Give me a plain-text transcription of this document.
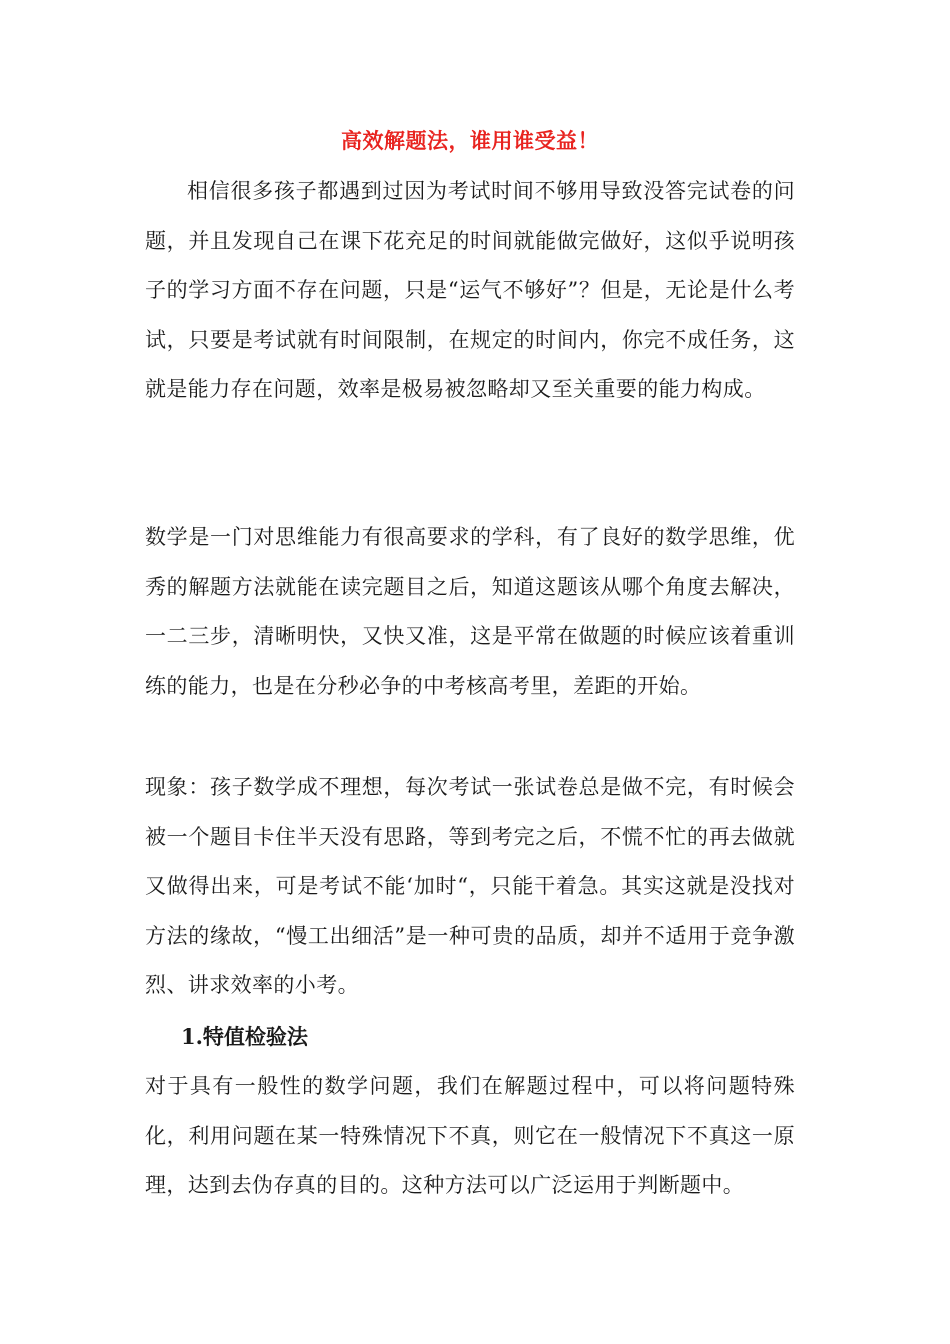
高效解题法，谁用谁受益！

相信很多孩子都遇到过因为考试时间不够用导致没答完试卷的问题，并且发现自己在课下花充足的时间就能做完做好，这似乎说明孩子的学习方面不存在问题，只是“运气不够好”？但是，无论是什么考试，只要是考试就有时间限制，在规定的时间内，你完不成任务，这就是能力存在问题，效率是极易被忽略却又至关重要的能力构成。

数学是一门对思维能力有很高要求的学科，有了良好的数学思维，优秀的解题方法就能在读完题目之后，知道这题该从哪个角度去解决，一二三步，清晰明快，又快又准，这是平常在做题的时候应该着重训练的能力，也是在分秒必争的中考核高考里，差距的开始。

现象：孩子数学成不理想，每次考试一张试卷总是做不完，有时候会被一个题目卡住半天没有思路，等到考完之后，不慌不忙的再去做就又做得出来，可是考试不能‘加时“，只能干着急。其实这就是没找对方法的缘故，“慢工出细活”是一种可贵的品质，却并不适用于竞争激烈、讲求效率的小考。

1.特值检验法

对于具有一般性的数学问题，我们在解题过程中，可以将问题特殊化，利用问题在某一特殊情况下不真，则它在一般情况下不真这一原理，达到去伪存真的目的。这种方法可以广泛运用于判断题中。
